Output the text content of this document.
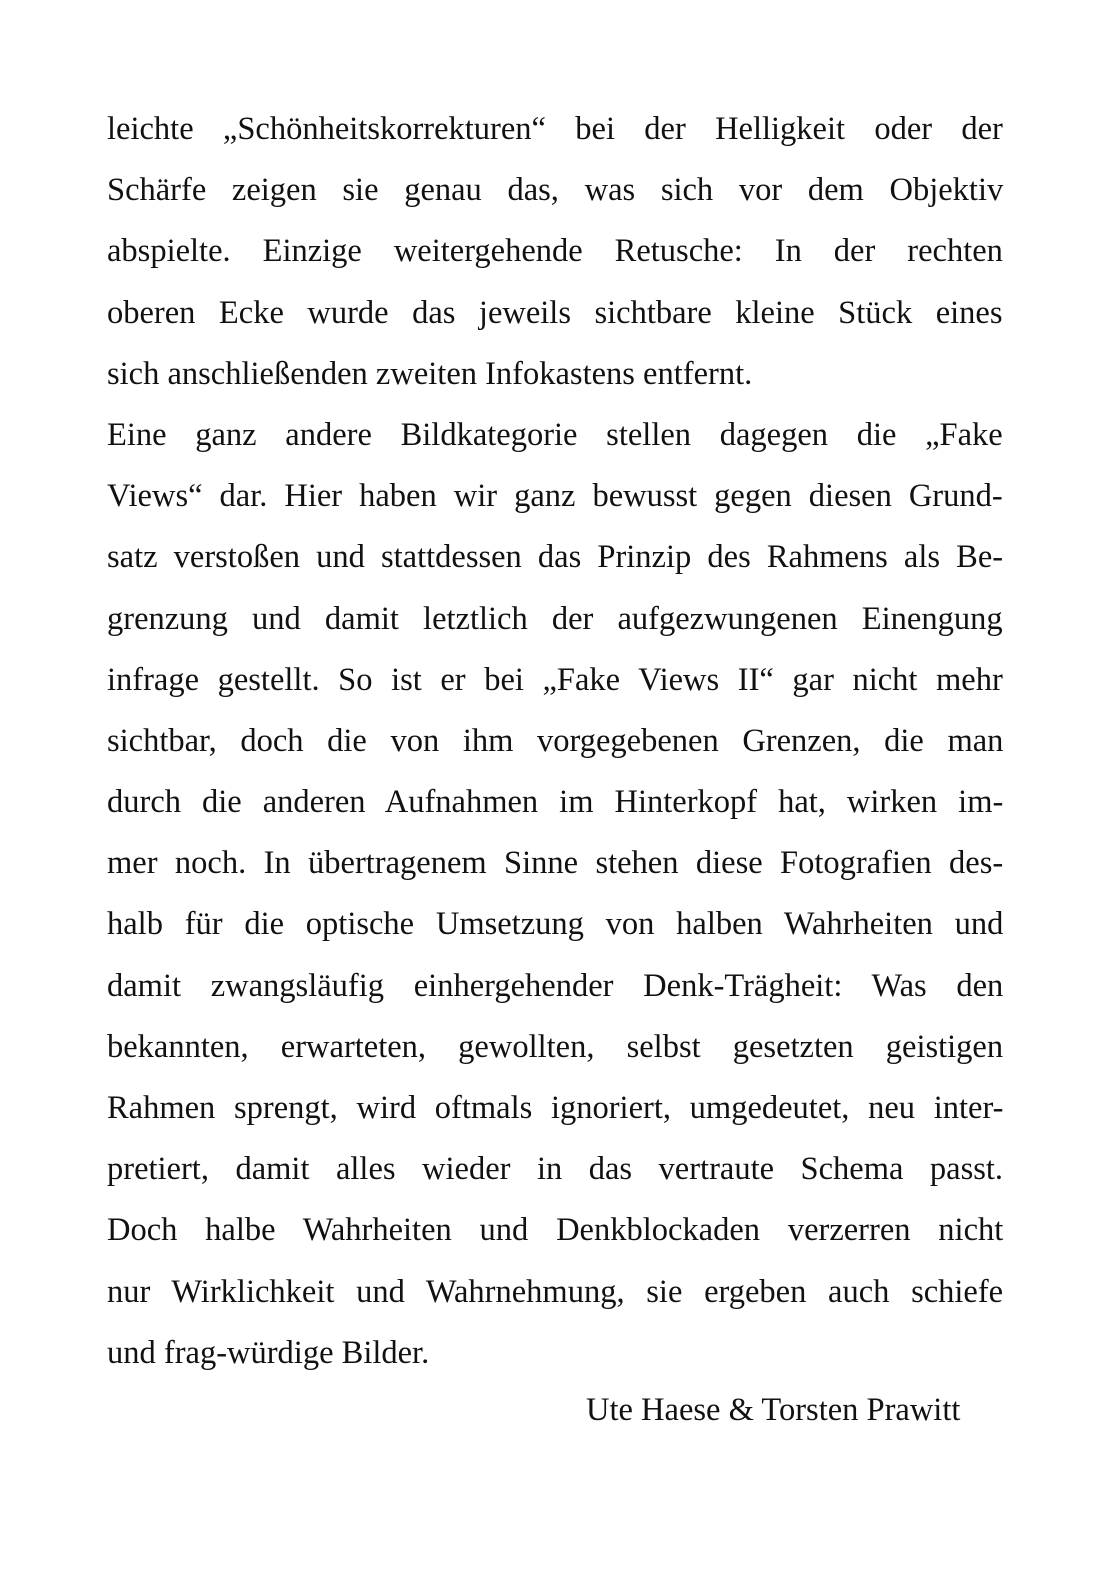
leichte „Schönheitskorrekturen“ bei der Helligkeit oder der
Schärfe zeigen sie genau das, was sich vor dem Objektiv
abspielte. Einzige weitergehende Retusche: In der rechten
oberen Ecke wurde das jeweils sichtbare kleine Stück eines
sich anschließenden zweiten Infokastens entfernt.
Eine ganz andere Bildkategorie stellen dagegen die „Fake
Views“ dar. Hier haben wir ganz bewusst gegen diesen Grund-
satz verstoßen und stattdessen das Prinzip des Rahmens als Be-
grenzung und damit letztlich der aufgezwungenen Einengung
infrage gestellt. So ist er bei „Fake Views II“ gar nicht mehr
sichtbar, doch die von ihm vorgegebenen Grenzen, die man
durch die anderen Aufnahmen im Hinterkopf hat, wirken im-
mer noch. In übertragenem Sinne stehen diese Fotografien des-
halb für die optische Umsetzung von halben Wahrheiten und
damit zwangsläufig einhergehender Denk-Trägheit: Was den
bekannten, erwarteten, gewollten, selbst gesetzten geistigen
Rahmen sprengt, wird oftmals ignoriert, umgedeutet, neu inter-
pretiert, damit alles wieder in das vertraute Schema passt.
Doch halbe Wahrheiten und Denkblockaden verzerren nicht
nur Wirklichkeit und Wahrnehmung, sie ergeben auch schiefe
und frag-würdige Bilder.
Ute Haese & Torsten Prawitt
